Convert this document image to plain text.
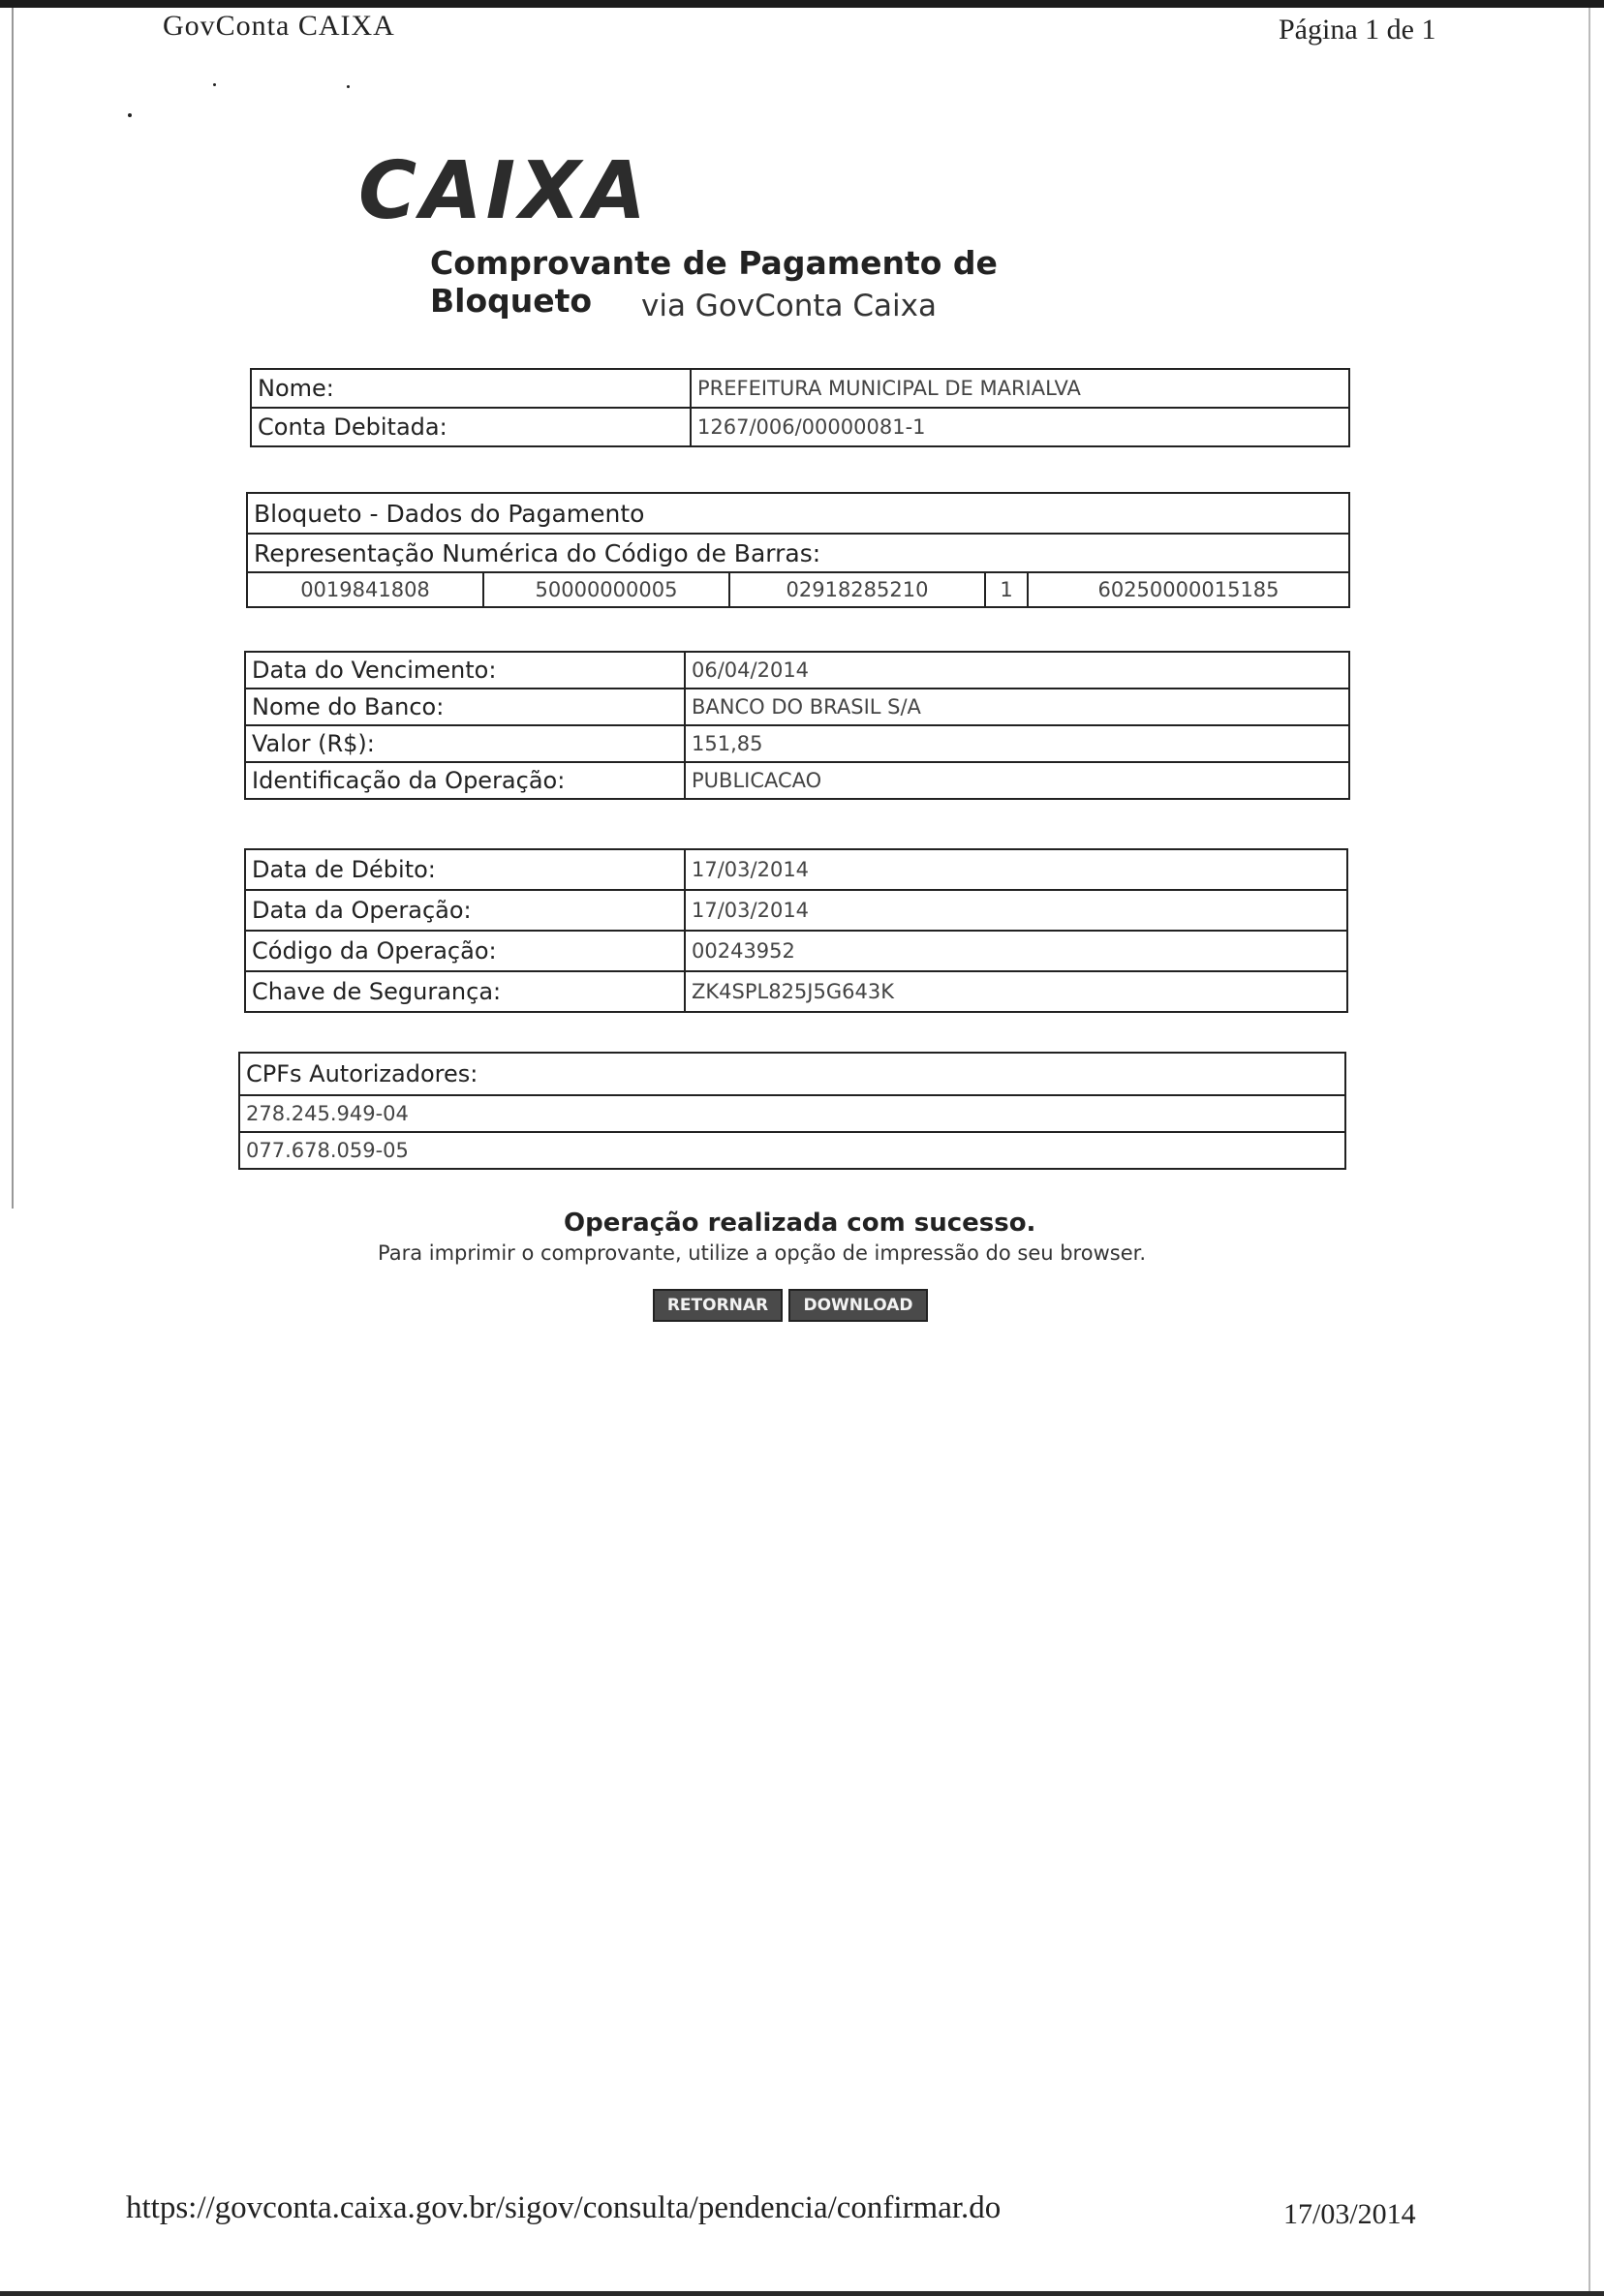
GovConta CAIXA	Página 1 de 1
CAIXA
Comprovante de Pagamento de Bloqueto	via GovConta Caixa
Nome:	PREFEITURA MUNICIPAL DE MARIALVA
Conta Debitada:	1267/006/00000081-1
Bloqueto - Dados do Pagamento
Representação Numérica do Código de Barras:
0019841808	50000000005	02918285210	1	60250000015185
Data do Vencimento:	06/04/2014
Nome do Banco:	BANCO DO BRASIL S/A
Valor (R$):	151,85
Identificação da Operação:	PUBLICACAO
Data de Débito:	17/03/2014
Data da Operação:	17/03/2014
Código da Operação:	00243952
Chave de Segurança:	ZK4SPL825J5G643K
CPFs Autorizadores:
278.245.949-04
077.678.059-05
Operação realizada com sucesso.
Para imprimir o comprovante, utilize a opção de impressão do seu browser.
RETORNAR	DOWNLOAD
https://govconta.caixa.gov.br/sigov/consulta/pendencia/confirmar.do	17/03/2014
